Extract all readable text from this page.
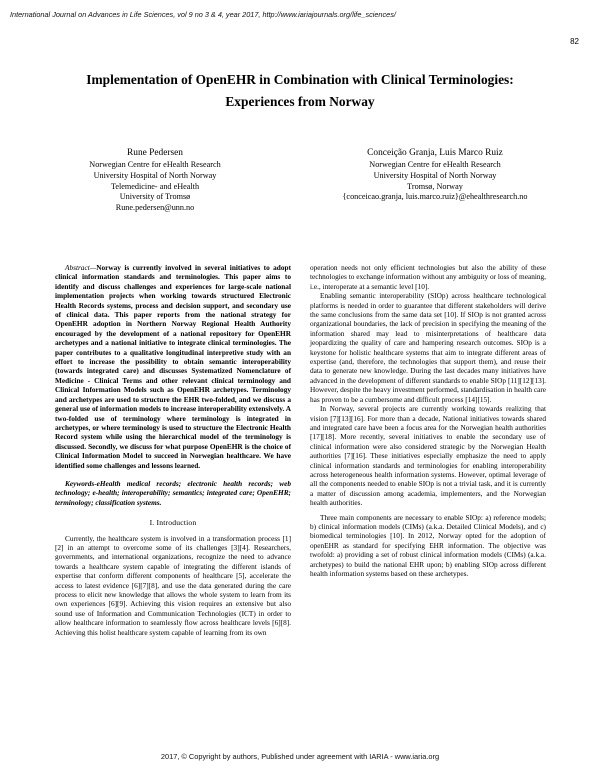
International Journal on Advances in Life Sciences, vol 9 no 3 & 4, year 2017, http://www.iariajournals.org/life_sciences/
82
Implementation of OpenEHR in Combination with Clinical Terminologies: Experiences from Norway
Rune Pedersen
Norwegian Centre for eHealth Research
University Hospital of North Norway
Telemedicine- and eHealth
University of Tromsø
Rune.pedersen@unn.no
Conceição Granja, Luis Marco Ruiz
Norwegian Centre for eHealth Research
University Hospital of North Norway
Tromsø, Norway
{conceicao.granja, luis.marco.ruiz}@ehealthresearch.no

Abstract—Norway is currently involved in several initiatives to adopt clinical information standards and terminologies. This paper aims to identify and discuss challenges and experiences for large-scale national implementation projects when working towards structured Electronic Health Records systems, process and decision support, and secondary use of clinical data. This paper reports from the national strategy for OpenEHR adoption in Northern Norway Regional Health Authority encouraged by the development of a national repository for OpenEHR archetypes and a national initiative to integrate clinical terminologies. The paper contributes to a qualitative longitudinal interpretive study with an effort to increase the possibility to obtain semantic interoperability (towards integrated care) and discusses Systematized Nomenclature of Medicine - Clinical Terms and other relevant clinical terminology and Clinical Information Models such as OpenEHR archetypes. Terminology and archetypes are used to structure the EHR two-folded, and we discuss a general use of information models to increase interoperability extensively. A two-folded use of terminology where terminology is integrated in archetypes, or where terminology is used to structure the Electronic Health Record system while using the hierarchical model of the terminology is discussed. Secondly, we discuss for what purpose OpenEHR is the choice of Clinical Information Model to succeed in Norwegian healthcare. We have identified some challenges and lessons learned.

Keywords-eHealth medical records; electronic health records; web technology; e-health; interoperability; semantics; integrated care; OpenEHR; terminology; classification systems.

I. Introduction

Currently, the healthcare system is involved in a transformation process [1][2] in an attempt to overcome some of its challenges [3][4]. Researchers, governments, and international organizations, recognize the need to advance towards a healthcare system capable of integrating the different islands of expertise that conform different components of healthcare [5], accelerate the access to latest evidence [6][7][8], and use the data generated during the care process to elicit new knowledge that allows the whole system to learn from its own experiences [6][9]. Achieving this vision requires an extensive but also sound use of Information and Communication Technologies (ICT) in order to allow healthcare information to seamlessly flow across healthcare levels [6][8]. Achieving this holist healthcare system capable of learning from its own

operation needs not only efficient technologies but also the ability of these technologies to exchange information without any ambiguity or loss of meaning, i.e., interoperate at a semantic level [10].

Enabling semantic interoperability (SIOp) across healthcare technological platforms is needed in order to guarantee that different stakeholders will derive the same conclusions from the same data set [10]. If SIOp is not granted across organizational boundaries, the lack of precision in specifying the meaning of the information shared may lead to misinterpretations of healthcare data jeopardizing the quality of care and hampering research outcomes. SIOp is a keystone for holistic healthcare systems that aim to integrate different areas of expertise (and, therefore, the technologies that support them), and reuse their data to generate new knowledge. During the last decades many initiatives have advanced in the development of different standards to enable SIOp [11][12][13]. However, despite the heavy investment performed, standardisation in health care has proven to be a cumbersome and difficult process [14][15].

In Norway, several projects are currently working towards realizing that vision [7][13][16]. For more than a decade, National initiatives towards shared and integrated care have been a focus area for the Norwegian health authorities [17][18]. More recently, several initiatives to enable the secondary use of clinical information were also considered strategic by the Norwegian Health authorities [7][16]. These initiatives especially emphasize the need to apply clinical information standards and terminologies for enabling interoperability across heterogeneous health information systems. However, optimal leverage of all the components needed to enable SIOp is not a trivial task, and it is currently a matter of discussion among academia, implementers, and the Norwegian health authorities.

Three main components are necessary to enable SIOp: a) reference models; b) clinical information models (CIMs) (a.k.a. Detailed Clinical Models), and c) biomedical terminologies [10]. In 2012, Norway opted for the adoption of openEHR as standard for specifying EHR information. The objective was twofold: a) providing a set of robust clinical information models (CIMs) (a.k.a. archetypes) to build the national EHR upon; b) enabling SIOp across different health information systems based on these archetypes.

2017, © Copyright by authors, Published under agreement with IARIA - www.iaria.org
